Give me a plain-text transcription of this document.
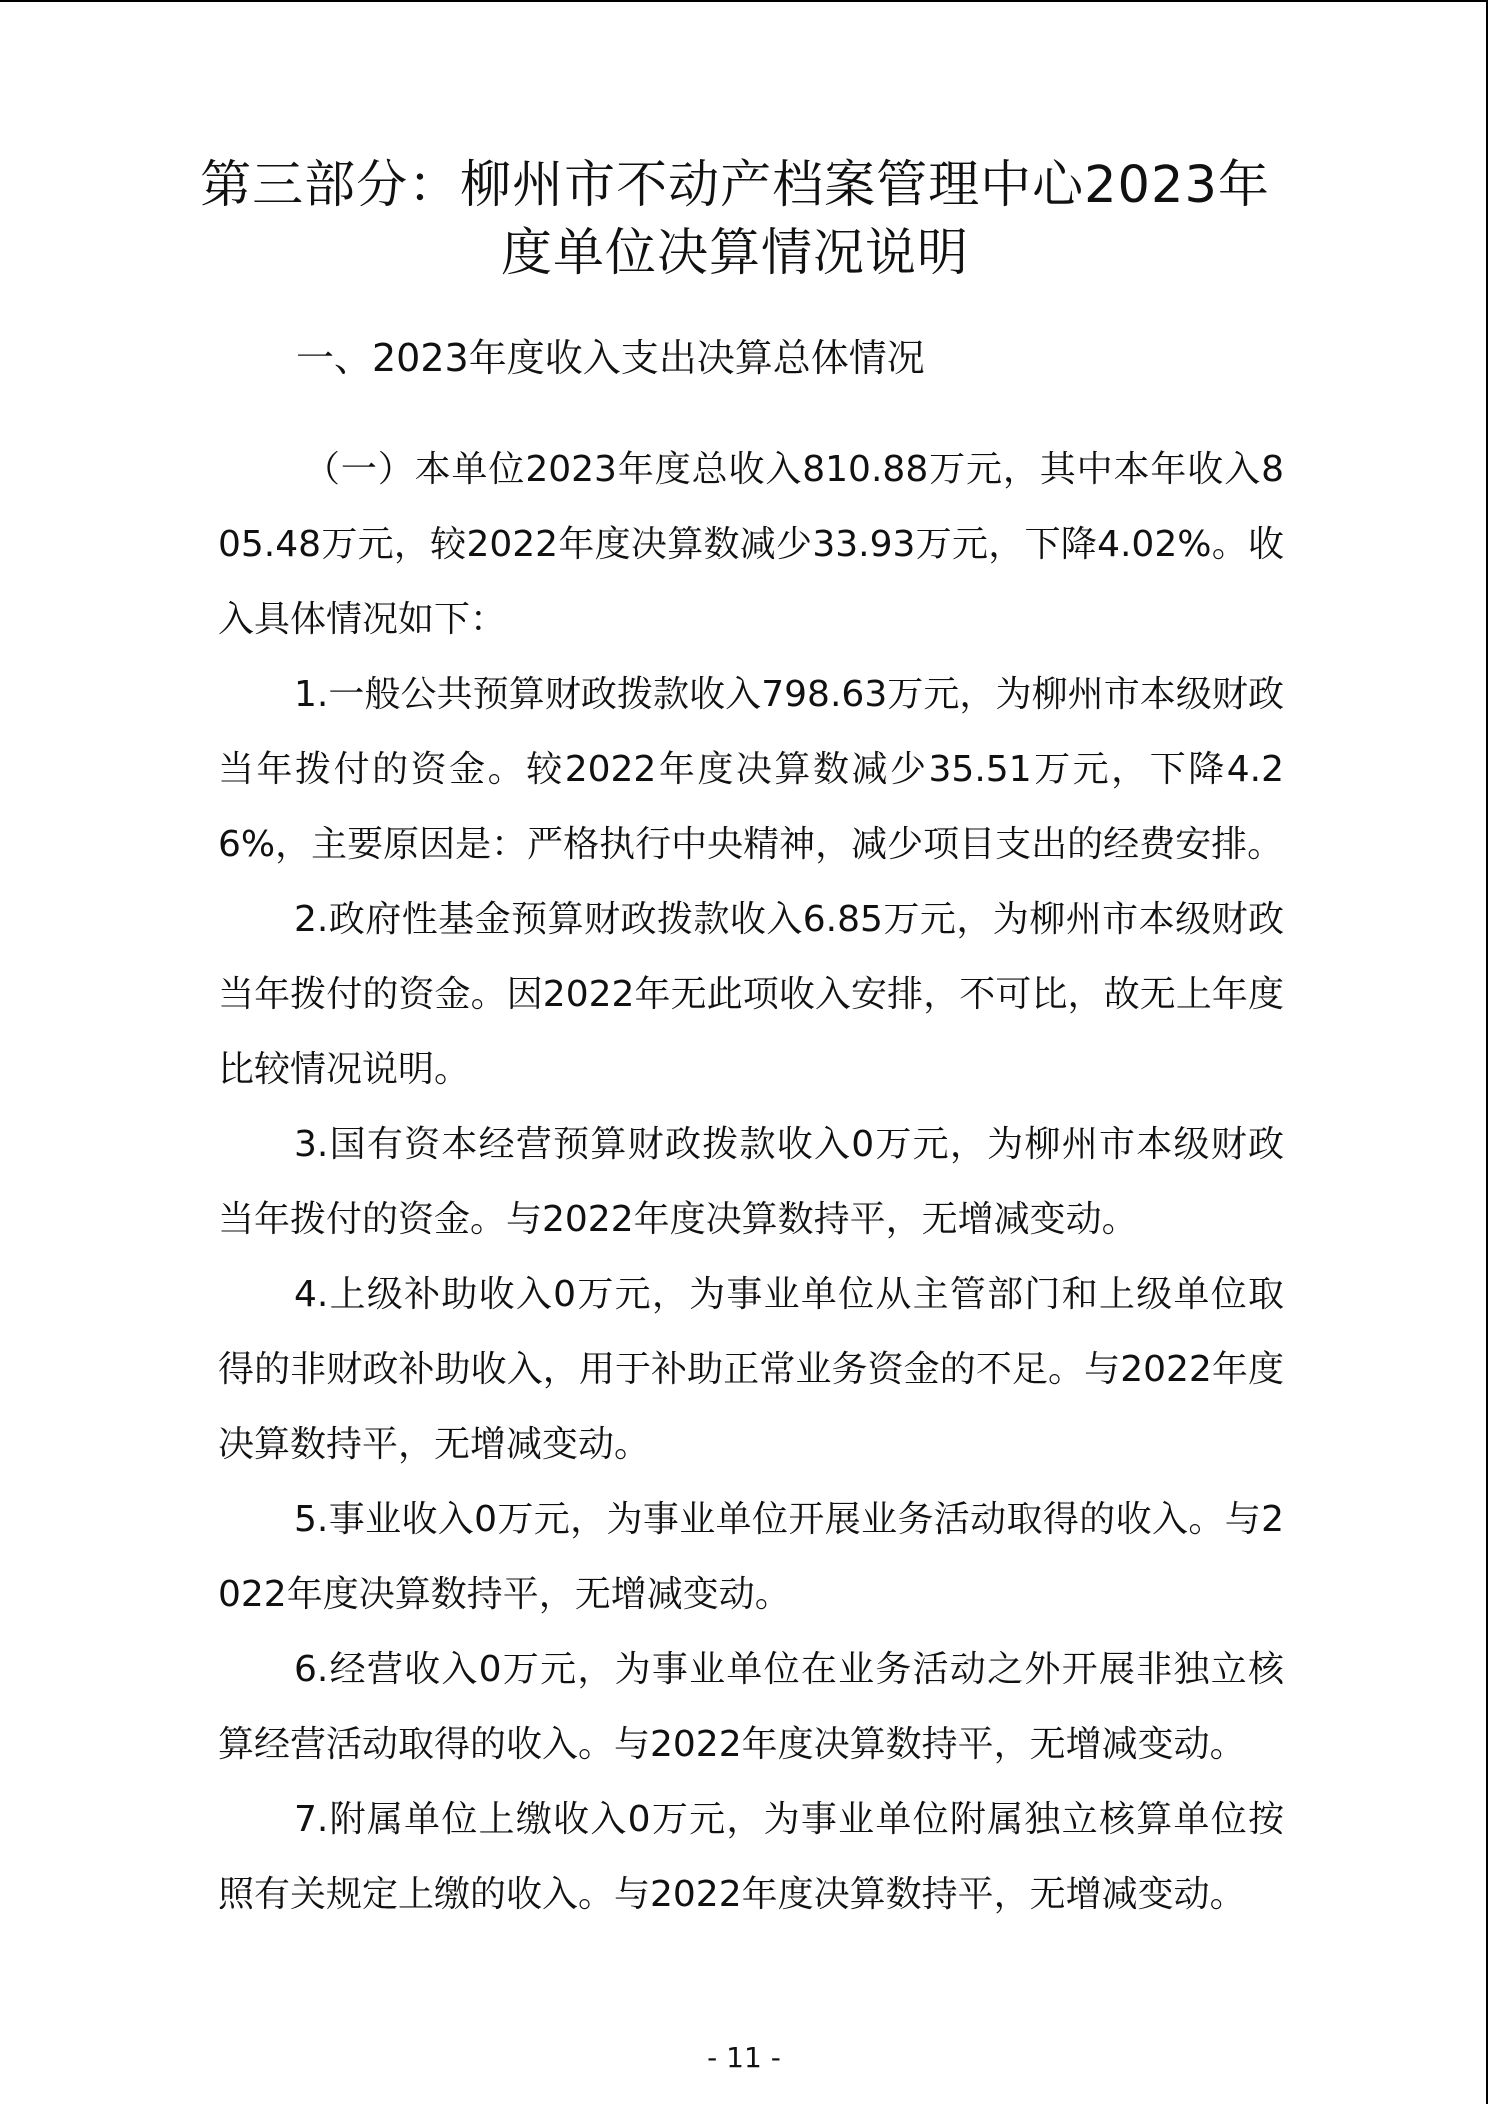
第三部分：柳州市不动产档案管理中心2023年度单位决算情况说明
一、2023年度收入支出决算总体情况

（一）本单位2023年度总收入810.88万元，其中本年收入805.48万元，较2022年度决算数减少33.93万元，下降4.02%。收入具体情况如下：

1.一般公共预算财政拨款收入798.63万元，为柳州市本级财政当年拨付的资金。较2022年度决算数减少35.51万元，下降4.26%，主要原因是：严格执行中央精神，减少项目支出的经费安排。

2.政府性基金预算财政拨款收入6.85万元，为柳州市本级财政当年拨付的资金。因2022年无此项收入安排，不可比，故无上年度比较情况说明。

3.国有资本经营预算财政拨款收入0万元，为柳州市本级财政当年拨付的资金。与2022年度决算数持平，无增减变动。

4.上级补助收入0万元，为事业单位从主管部门和上级单位取得的非财政补助收入，用于补助正常业务资金的不足。与2022年度决算数持平，无增减变动。

5.事业收入0万元，为事业单位开展业务活动取得的收入。与2022年度决算数持平，无增减变动。

6.经营收入0万元，为事业单位在业务活动之外开展非独立核算经营活动取得的收入。与2022年度决算数持平，无增减变动。

7.附属单位上缴收入0万元，为事业单位附属独立核算单位按照有关规定上缴的收入。与2022年度决算数持平，无增减变动。

- 11 -
